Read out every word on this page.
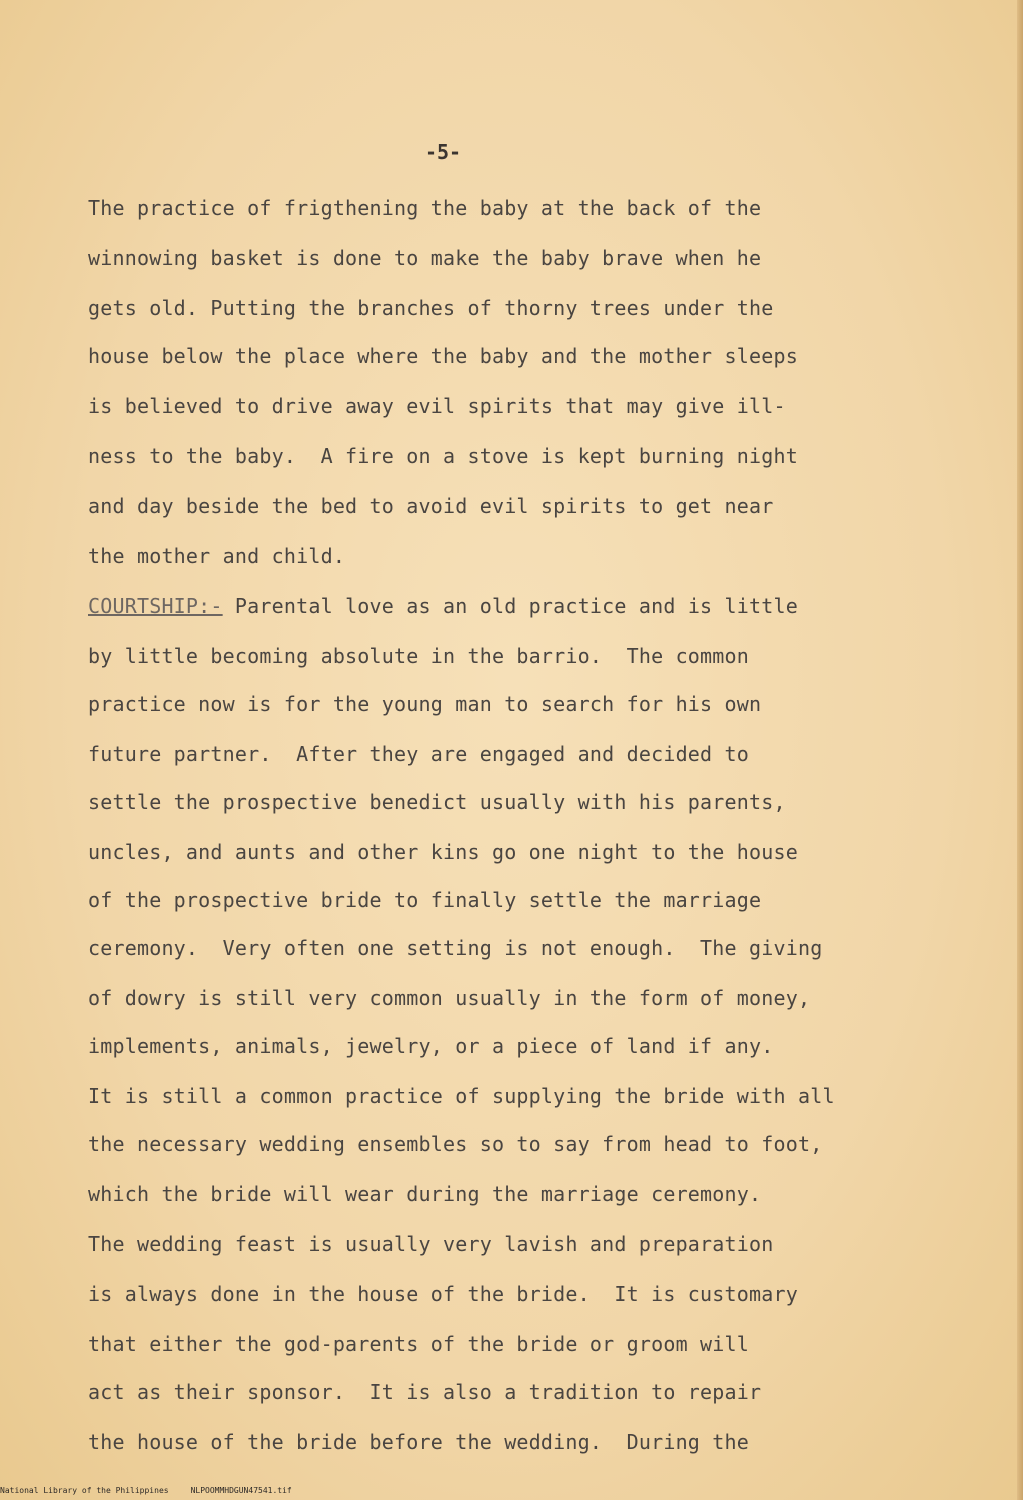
-5-
The practice of frigthening the baby at the back of the
winnowing basket is done to make the baby brave when he
gets old. Putting the branches of thorny trees under the
house below the place where the baby and the mother sleeps
is believed to drive away evil spirits that may give ill-
ness to the baby.  A fire on a stove is kept burning night
and day beside the bed to avoid evil spirits to get near
the mother and child.
COURTSHIP:- Parental love as an old practice and is little
by little becoming absolute in the barrio.  The common
practice now is for the young man to search for his own
future partner.  After they are engaged and decided to
settle the prospective benedict usually with his parents,
uncles, and aunts and other kins go one night to the house
of the prospective bride to finally settle the marriage
ceremony.  Very often one setting is not enough.  The giving
of dowry is still very common usually in the form of money,
implements, animals, jewelry, or a piece of land if any.
It is still a common practice of supplying the bride with all
the necessary wedding ensembles so to say from head to foot,
which the bride will wear during the marriage ceremony.
The wedding feast is usually very lavish and preparation
is always done in the house of the bride.  It is customary
that either the god-parents of the bride or groom will
act as their sponsor.  It is also a tradition to repair
the house of the bride before the wedding.  During the
National Library of the Philippines	NLPOOMMHDGUN47541.tif
